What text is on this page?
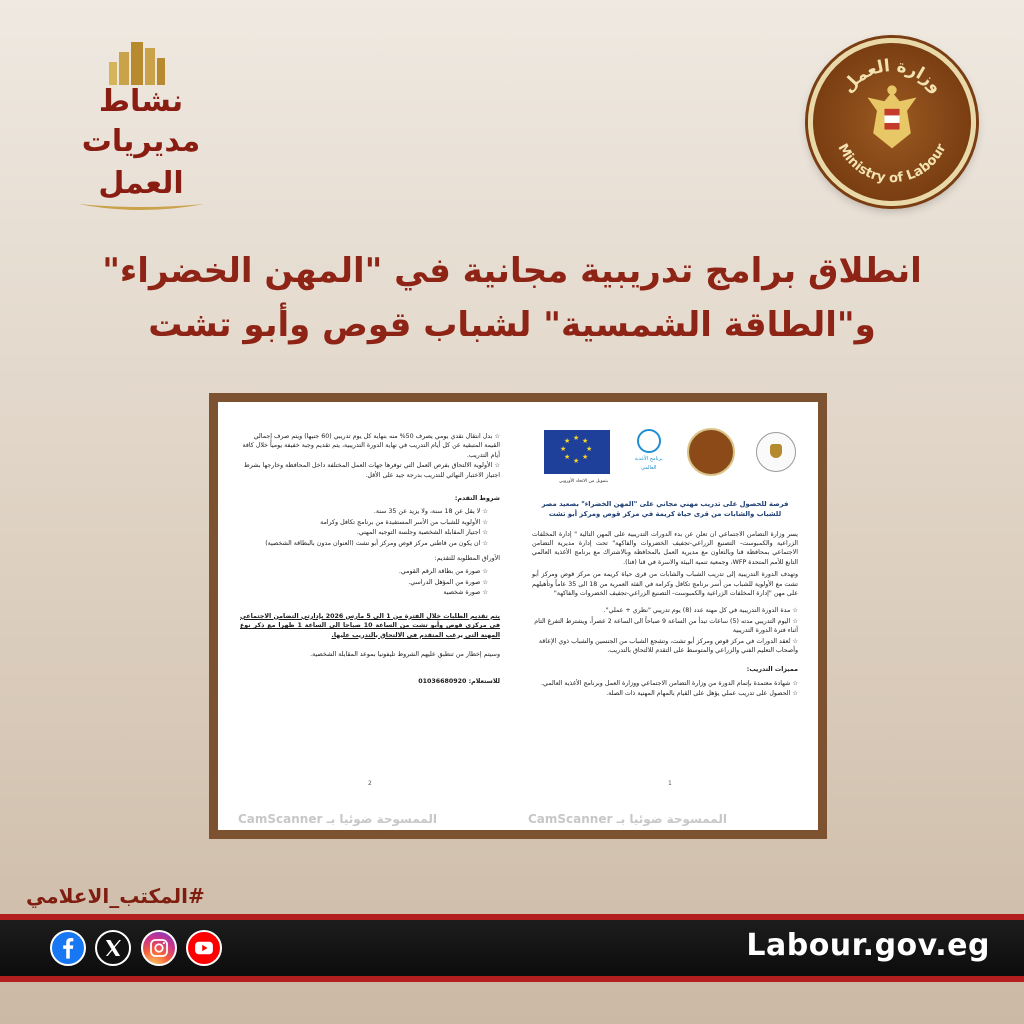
نشاط
مديريات
العمل
وزارة العمل
Ministry of Labour
انطلاق برامج تدريبية مجانية في "المهن الخضراء" و"الطاقة الشمسية" لشباب قوص وأبو تشت
★ ★
★
★
★
★
★
★
برنامج الأغذية العالمي
بتمويل من الاتحاد الأوروبي
فرصة للحصول على تدريب مهني مجاني على "المهن الخضراء" بصعيد مصر للشباب والشابات من قرى حياة كريمة في مركز قوص ومركز أبو تشت

يسر وزارة التضامن الاجتماعي ان تعلن عن بدء الدورات التدريبية على المهن التالية " إدارة المخلفات الزراعية والكمبوست- التصنيع الزراعي-تجفيف الخضروات والفاكهة" تحت إدارة مديرية التضامن الاجتماعي بمحافظة قنا وبالتعاون مع مديرية العمل بالمحافظة وبالاشتراك مع برنامج الأغذية العالمي التابع للأمم المتحدة WFP، وجمعية تنمية البيئة والاسرة في قنا (فنا).

وتهدف الدورة التدريبية إلى تدريب الشباب والشابات من قرى حياة كريمة من مركز قوص ومركز أبو تشت مع الأولوية للشباب من أسر برنامج تكافل وكرامة في الفئة العمرية من 18 الى 35 عاماً وتأهيلهم على مهن "إدارة المخلفات الزراعية والكمبوست- التصنيع الزراعي-تجفيف الخضروات والفاكهة"

☆ مدة الدورة التدريبية في كل مهنة عدد (8) يوم تدريبي "نظري + عملي".
☆ اليوم التدريبي مدته (5) ساعات تبدأ من الساعة 9 صباحاً الى الساعة 2 عصراً، ويشترط التفرغ التام أثناء فترة الدورة التدريبية
☆ تُعقد الدورات في مركز قوص ومركز أبو تشت، وتشجع الشباب من الجنسين والشباب ذوي الإعاقة وأصحاب التعليم الفني والزراعي والمتوسط على التقدم للالتحاق بالتدريب.
مميزات التدريب:
☆ شهادة معتمدة بإتمام الدورة من وزارة التضامن الاجتماعي ووزارة العمل وبرنامج الأغذية العالمي.
☆ الحصول على تدريب عملي يؤهل على القيام بالمهام المهنية ذات الصلة.
1
☆ بدل انتقال نقدي يومي يصرف 50% منه بنهاية كل يوم تدريبي (60 جنيها) ويتم صرف إجمالي القيمة المتبقية عن كل أيام التدريب في نهاية الدورة التدريبية، يتم تقديم وجبة خفيفة يومياً خلال كافة أيام التدريب.
☆ الأولوية الالتحاق بفرص العمل التي توفرها جهات العمل المختلفة داخل المحافظة وخارجها بشرط اجتياز الاختبار النهائي للتدريب بدرجة جيد على الأقل.
شروط التقدم:
☆ لا يقل عن 18 سنة، ولا يزيد عن 35 سنة.
☆ الأولوية للشباب من الأسر المستفيدة من برنامج تكافل وكرامة
☆ اجتياز المقابلة الشخصية وجلسة التوجيه المهني.
☆ ان يكون من قاطني مركز قوص ومركز أبو تشت (العنوان مدون بالبطاقة الشخصية)
الأوراق المطلوبة للتقديم:
☆ صورة من بطاقة الرقم القومي.
☆ صورة من المؤهل الدراسي.
☆ صورة شخصية

يتم تقديم الطلبات خلال الفترة من 1 الى 5 مارس 2026 بإدارتي التضامن الاجتماعي في مركزي قوص وأبو تشت من الساعة 10 صباحا الى الساعة 1 ظهرا مع ذكر نوع المهنة التي يرغب المتقدم في الالتحاق بالتدريب عليها.

وسيتم إخطار من تنطبق عليهم الشروط تليفونيا بموعد المقابلة الشخصية.

للاستعلام: 01036680920

2
CamScanner الممسوحة ضوئيا بـ
CamScanner الممسوحة ضوئيا بـ
#المكتب_الاعلامي
Labour.gov.eg
